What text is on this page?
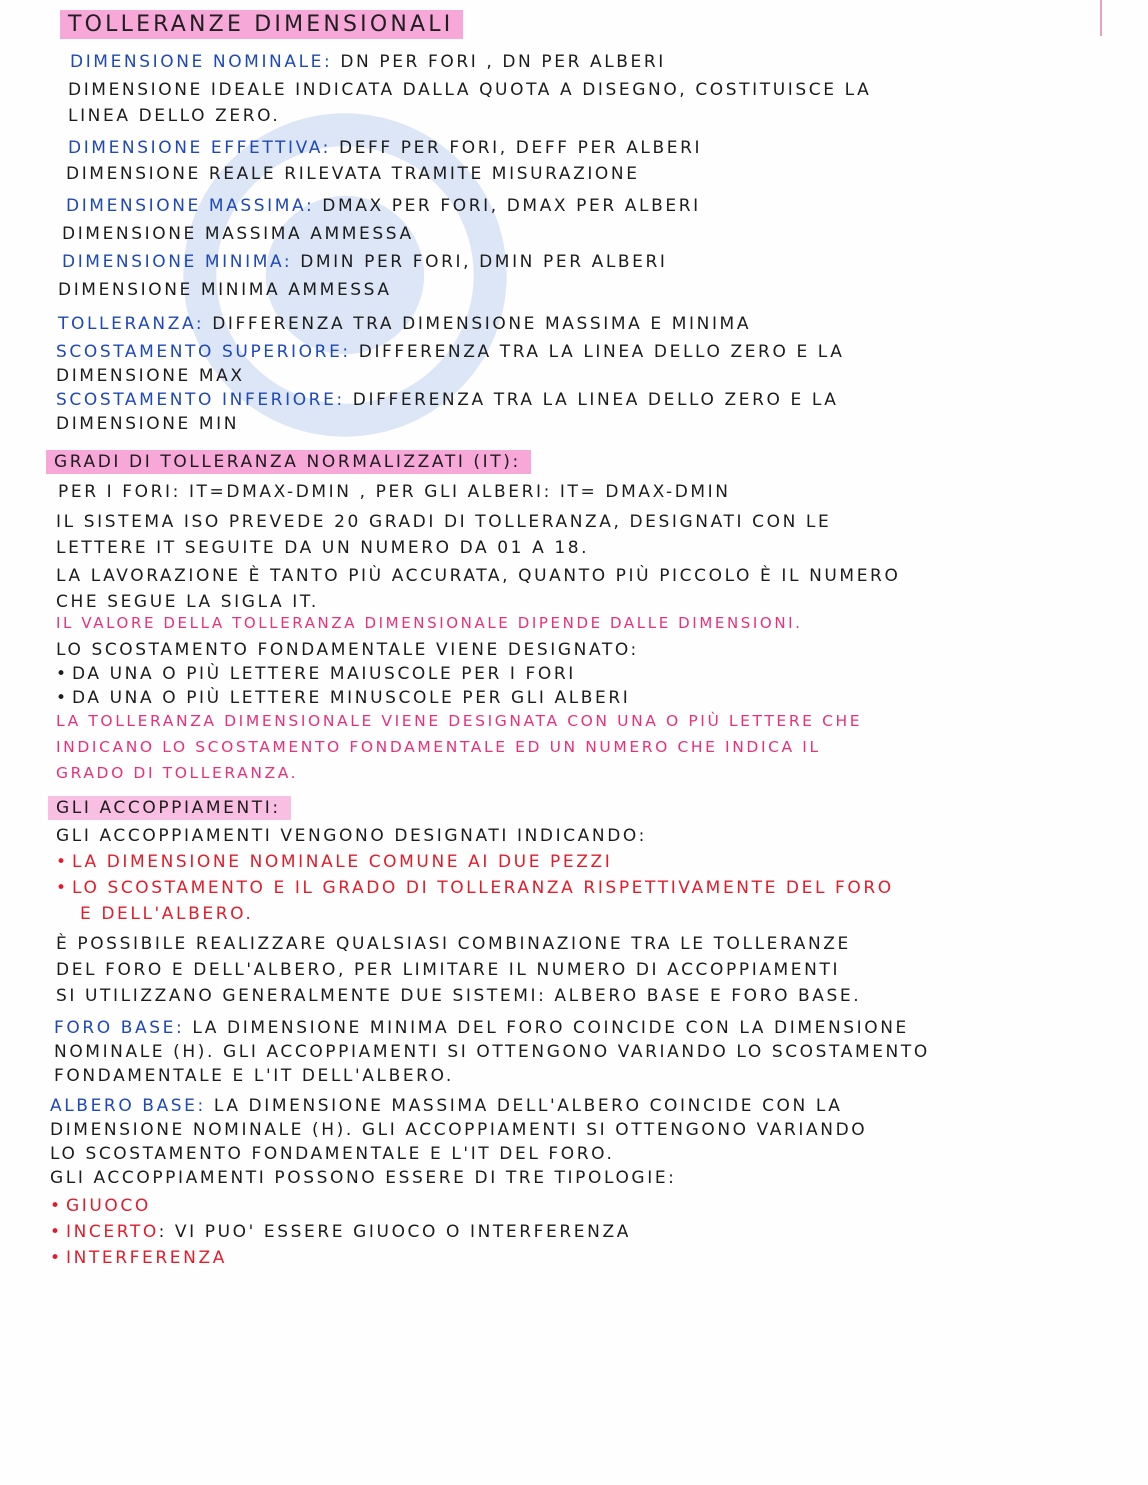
TOLLERANZE DIMENSIONALI
DIMENSIONE NOMINALE: DN PER FORI , DN PER ALBERI
DIMENSIONE IDEALE INDICATA DALLA QUOTA A DISEGNO, COSTITUISCE LA
LINEA DELLO ZERO.
DIMENSIONE EFFETTIVA: DEFF PER FORI, DEFF PER ALBERI
DIMENSIONE REALE RILEVATA TRAMITE MISURAZIONE
DIMENSIONE MASSIMA: DMAX PER FORI, DMAX PER ALBERI
DIMENSIONE MASSIMA AMMESSA
DIMENSIONE MINIMA: DMIN PER FORI, DMIN PER ALBERI
DIMENSIONE MINIMA AMMESSA
TOLLERANZA: DIFFERENZA TRA DIMENSIONE MASSIMA E MINIMA
SCOSTAMENTO SUPERIORE: DIFFERENZA TRA LA LINEA DELLO ZERO E LA
DIMENSIONE MAX
SCOSTAMENTO INFERIORE: DIFFERENZA TRA LA LINEA DELLO ZERO E LA
DIMENSIONE MIN
GRADI DI TOLLERANZA NORMALIZZATI (IT):
PER I FORI: IT=DMAX-DMIN , PER GLI ALBERI: IT= DMAX-DMIN
IL SISTEMA ISO PREVEDE 20 GRADI DI TOLLERANZA, DESIGNATI CON LE
LETTERE IT SEGUITE DA UN NUMERO DA 01 A 18.
LA LAVORAZIONE È TANTO PIÙ ACCURATA, QUANTO PIÙ PICCOLO È IL NUMERO
CHE SEGUE LA SIGLA IT.
IL VALORE DELLA TOLLERANZA DIMENSIONALE DIPENDE DALLE DIMENSIONI.
LO SCOSTAMENTO FONDAMENTALE VIENE DESIGNATO:
• DA UNA O PIÙ LETTERE MAIUSCOLE PER I FORI
• DA UNA O PIÙ LETTERE MINUSCOLE PER GLI ALBERI
LA TOLLERANZA DIMENSIONALE VIENE DESIGNATA CON UNA O PIÙ LETTERE CHE
INDICANO LO SCOSTAMENTO FONDAMENTALE ED UN NUMERO CHE INDICA IL
GRADO DI TOLLERANZA.
GLI ACCOPPIAMENTI:
GLI ACCOPPIAMENTI VENGONO DESIGNATI INDICANDO:
• LA DIMENSIONE NOMINALE COMUNE AI DUE PEZZI
• LO SCOSTAMENTO E IL GRADO DI TOLLERANZA RISPETTIVAMENTE DEL FORO
E DELL'ALBERO.
È POSSIBILE REALIZZARE QUALSIASI COMBINAZIONE TRA LE TOLLERANZE
DEL FORO E DELL'ALBERO, PER LIMITARE IL NUMERO DI ACCOPPIAMENTI
SI UTILIZZANO GENERALMENTE DUE SISTEMI: ALBERO BASE E FORO BASE.
FORO BASE: LA DIMENSIONE MINIMA DEL FORO COINCIDE CON LA DIMENSIONE
NOMINALE (H). GLI ACCOPPIAMENTI SI OTTENGONO VARIANDO LO SCOSTAMENTO
FONDAMENTALE E L'IT DELL'ALBERO.
ALBERO BASE: LA DIMENSIONE MASSIMA DELL'ALBERO COINCIDE CON LA
DIMENSIONE NOMINALE (H). GLI ACCOPPIAMENTI SI OTTENGONO VARIANDO
LO SCOSTAMENTO FONDAMENTALE E L'IT DEL FORO.
GLI ACCOPPIAMENTI POSSONO ESSERE DI TRE TIPOLOGIE:
• GIUOCO
• INCERTO: VI PUO' ESSERE GIUOCO O INTERFERENZA
• INTERFERENZA
